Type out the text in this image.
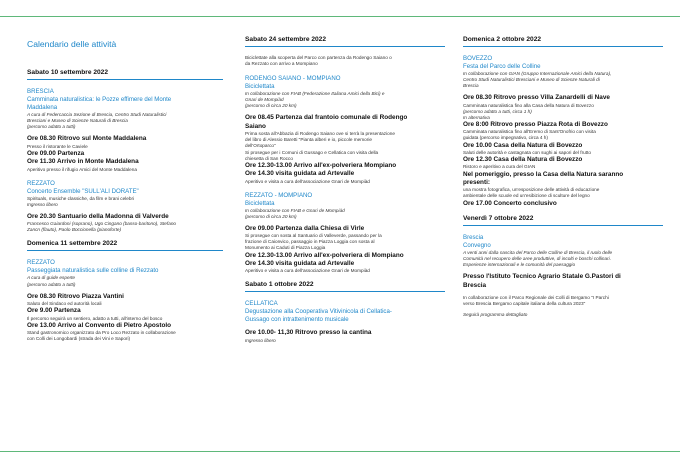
Calendario delle attività
Sabato 10 settembre 2022
BRESCIA
Camminata naturalistica: le Pozze effimere del Monte
Maddalena
A cura di Federcaccia Sezione di Brescia, Centro Studi Naturalistici
Bresciani e Museo di Scienze Naturali di Brescia
(percorso adatto a tutti)
Ore 08.30 Ritrovo sul Monte Maddalena
Presso il ristorante le Caviele
Ore 09.00 Partenza
Ore 11.30 Arrivo in Monte Maddalena
Aperitivo presso il rifugio Amici del Monte Maddalena
REZZATO
Concerto Ensemble "SULL'ALI DORATE"
Spirituals, musiche classiche, da film e brani celebri
Ingresso libero
Ore 20.30 Santuario della Madonna di Valverde
Francesco Gaiardoni (soprano), Ugo Cingano (basso-baritono), Stefano
Zancn (flauto), Paolo Boccionella (pianoforte)
Domenica 11 settembre 2022
REZZATO
Passeggiata naturalistica sulle colline di Rezzato
A cura di guide esperte
(percorso adatto a tutti)
Ore 08.30 Ritrovo Piazza Vantini
Saluto del Sindaco ed autorità locali
Ore 9.00 Partenza
Il percorso seguirà un sentiero, adatto a tutti, all'interno del bosco
Ore 13.00 Arrivo al Convento di Pietro Apostolo
Stand gastronomico organizzato da Pro Loco Rezzato in collaborazione
con Colli dei Longobardi (strada dei Vini e Sapori)
Sabato 24 settembre 2022
Biciclettate alla scoperta del Parco con partenza da Rodengo Saiano o
da Rezzato con arrivo a Mompiano
RODENGO SAIANO - MOMPIANO
Biciclettata
In collaborazione con FIAB (Federazione Italiana Amici della Bici) e
Gnari de Mompiàd
(percorso di circa 20 km)
Ore 08.45 Partenza dal frantoio comunale di Rodengo
Saiano
Prima sosta all'Abbazia di Rodengo Saiano ove si terrà la presentazione
del libro di Alessio Baretti "Pianta alberi e io, piccole memorie
dell'Ortoparco"
Si prosegue per i Comuni di Gussago e Cellatica con visita della
chiesetta di San Rocco
Ore 12.30-13.00 Arrivo all'ex-polveriera Mompiano
Ore 14.30 visita guidata ad Artevalle
Aperitivo e visita a cura dell'associazione Gnari de Mompiàd
REZZATO - MOMPIANO
Biciclettata
In collaborazione con FIAB e Gnari de Mompiàd
(percorso di circa 20 km)
Ore 09.00 Partenza dalla Chiesa di Virle
Si prosegue con sosta al Santuario di Valleverde, passando per la
frazione di Caionvico, passaggio in Piazza Loggia con sosta al
Monumento ai Caduti di Piazza Loggia
Ore 12.30-13.00 Arrivo all'ex-polveriera di Mompiano
Ore 14.30 visita guidata ad Artevalle
Aperitivo e visita a cura dell'associazione Gnari de Mompiàd
Sabato 1 ottobre 2022
CELLATICA
Degustazione alla Cooperativa Vitivinicola di Cellatica-
Gussago con intrattenimento musicale
Ore 10.00- 11,30 Ritrovo presso la cantina
Ingresso libero
Domenica 2 ottobre 2022
BOVEZZO
Festa del Parco delle Colline
In collaborazione con GIAN (Gruppo Internazionale Amici della Natura),
Centro Studi Naturalistici Bresciani e Museo di Scienze Naturali di
Brescia
Ore 08.30 Ritrovo presso Villa Zanardelli di Nave
Camminata naturalistica fino alla Casa della Natura di Bovezzo
(percorso adatto a tutti, circa 1 h)
In alternativa
Ore 8:00 Ritrovo presso Piazza Rota di Bovezzo
Camminata naturalistica fino all'Eremo di Sant'Onofrio con visita
guidata (percorso impegnativo, circa 4 h)
Ore 10.00 Casa della Natura di Bovezzo
Saluti delle autorità e castagnata con sughi ai sapori del frutto
Ore 12.30 Casa della Natura di Bovezzo
Ristoro e aperitivo a cura del GIAN
Nel pomeriggio, presso la Casa della Natura saranno
presenti:
una mostra fotografica, un'esposizione delle attività di educazione
ambientale delle scuole ed un'esibizione di sculture del legno
Ore 17.00 Concerto conclusivo
Venerdì 7 ottobre 2022
Brescia
Convegno
A venti anni dalla nascita del Parco delle Colline di Brescia, il ruolo delle
Comunità nel recupero delle aree produttive, di incolti e boschi collinari.
Esperienze internazionali e le comunità del paesaggio
Presso l'Istituto Tecnico Agrario Statale G.Pastori di
Brescia
In collaborazione con il Parco Regionale dei Colli di Bergamo "I Parchi
verso Brescia Bergamo capitale italiana della cultura 2023"
Seguirà programma dettagliato
